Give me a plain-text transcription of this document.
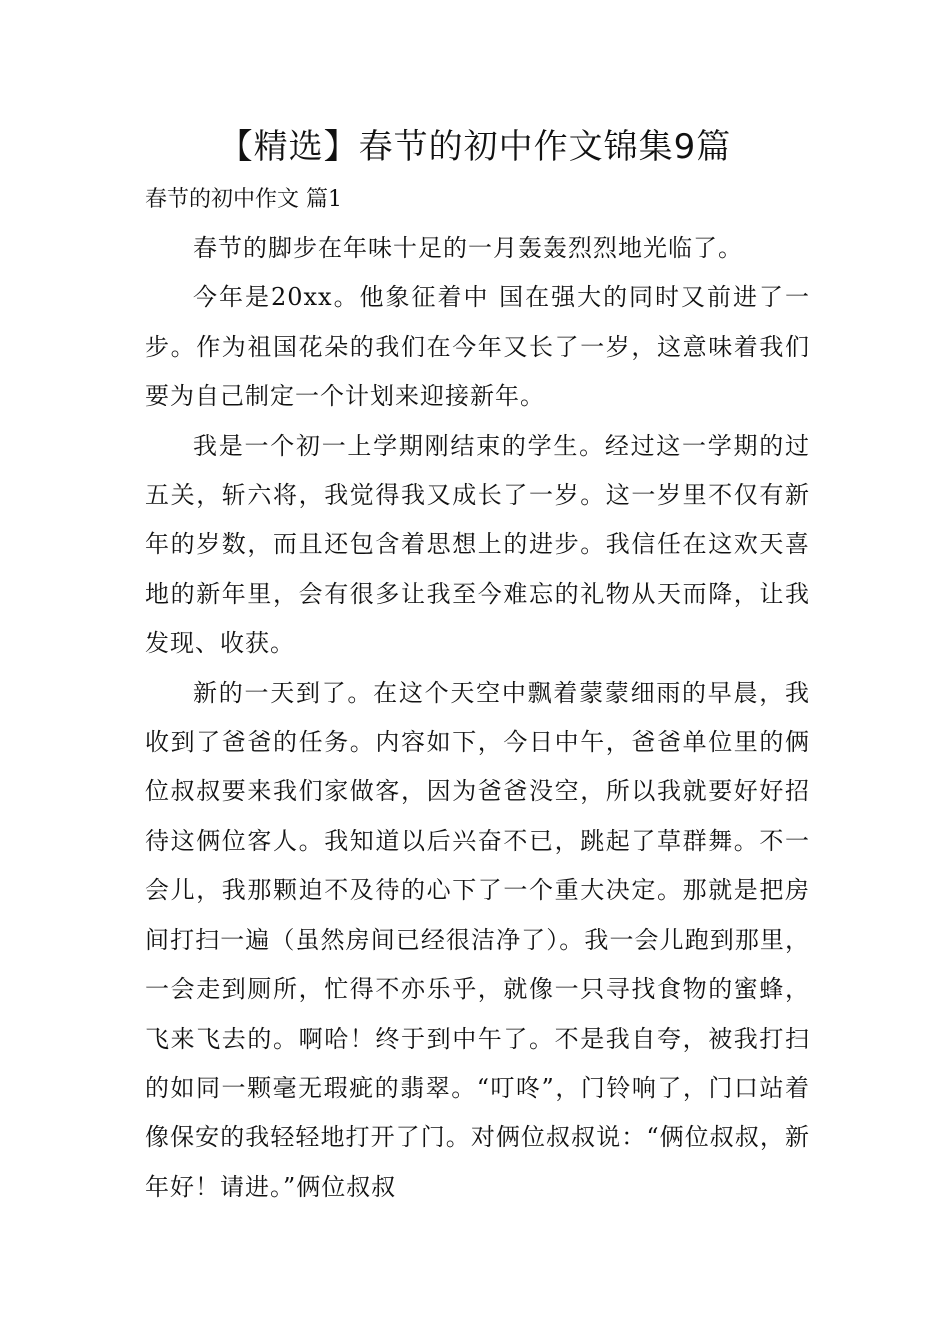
【精选】春节的初中作文锦集9篇
春节的初中作文 篇1

春节的脚步在年味十足的一月轰轰烈烈地光临了。

今年是20xx。他象征着中 国在强大的同时又前进了一步。作为祖国花朵的我们在今年又长了一岁，这意味着我们要为自己制定一个计划来迎接新年。

我是一个初一上学期刚结束的学生。经过这一学期的过五关，斩六将，我觉得我又成长了一岁。这一岁里不仅有新年的岁数，而且还包含着思想上的进步。我信任在这欢天喜地的新年里，会有很多让我至今难忘的礼物从天而降，让我发现、收获。

新的一天到了。在这个天空中飘着蒙蒙细雨的早晨，我收到了爸爸的任务。内容如下，今日中午，爸爸单位里的俩位叔叔要来我们家做客，因为爸爸没空，所以我就要好好招待这俩位客人。我知道以后兴奋不已，跳起了草群舞。不一会儿，我那颗迫不及待的心下了一个重大决定。那就是把房间打扫一遍（虽然房间已经很洁净了）。我一会儿跑到那里，一会走到厕所，忙得不亦乐乎，就像一只寻找食物的蜜蜂，飞来飞去的。啊哈！终于到中午了。不是我自夸，被我打扫的如同一颗毫无瑕疵的翡翠。“叮咚”，门铃响了，门口站着像保安的我轻轻地打开了门。对俩位叔叔说：“俩位叔叔，新年好！请进。”俩位叔叔
